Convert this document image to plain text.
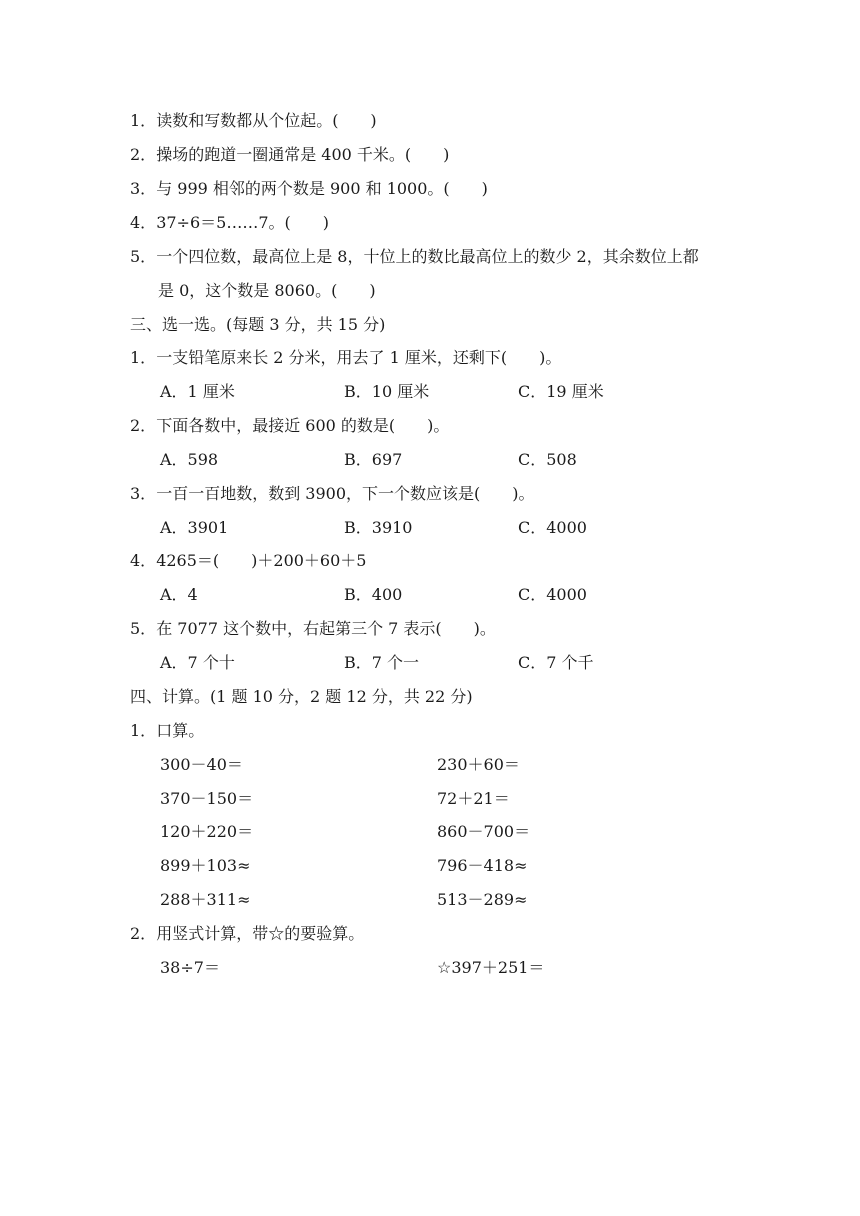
1．读数和写数都从个位起。(　　)
2．操场的跑道一圈通常是 400 千米。(　　)
3．与 999 相邻的两个数是 900 和 1000。(　　)
4．37÷6＝5……7。(　　)
5．一个四位数，最高位上是 8，十位上的数比最高位上的数少 2，其余数位上都
是 0，这个数是 8060。(　　)
三、选一选。(每题 3 分，共 15 分)
1．一支铅笔原来长 2 分米，用去了 1 厘米，还剩下(　　)。
A．1 厘米	B．10 厘米	C．19 厘米
2．下面各数中，最接近 600 的数是(　　)。
A．598	B．697	C．508
3．一百一百地数，数到 3900，下一个数应该是(　　)。
A．3901	B．3910	C．4000
4．4265＝(　　)＋200＋60＋5
A．4	B．400	C．4000
5．在 7077 这个数中，右起第三个 7 表示(　　)。
A．7 个十	B．7 个一	C．7 个千
四、计算。(1 题 10 分，2 题 12 分，共 22 分)
1．口算。
300－40＝	230＋60＝
370－150＝	72＋21＝
120＋220＝	860－700＝
899＋103≈	796－418≈
288＋311≈	513－289≈
2．用竖式计算，带☆的要验算。
38÷7＝	☆397＋251＝
